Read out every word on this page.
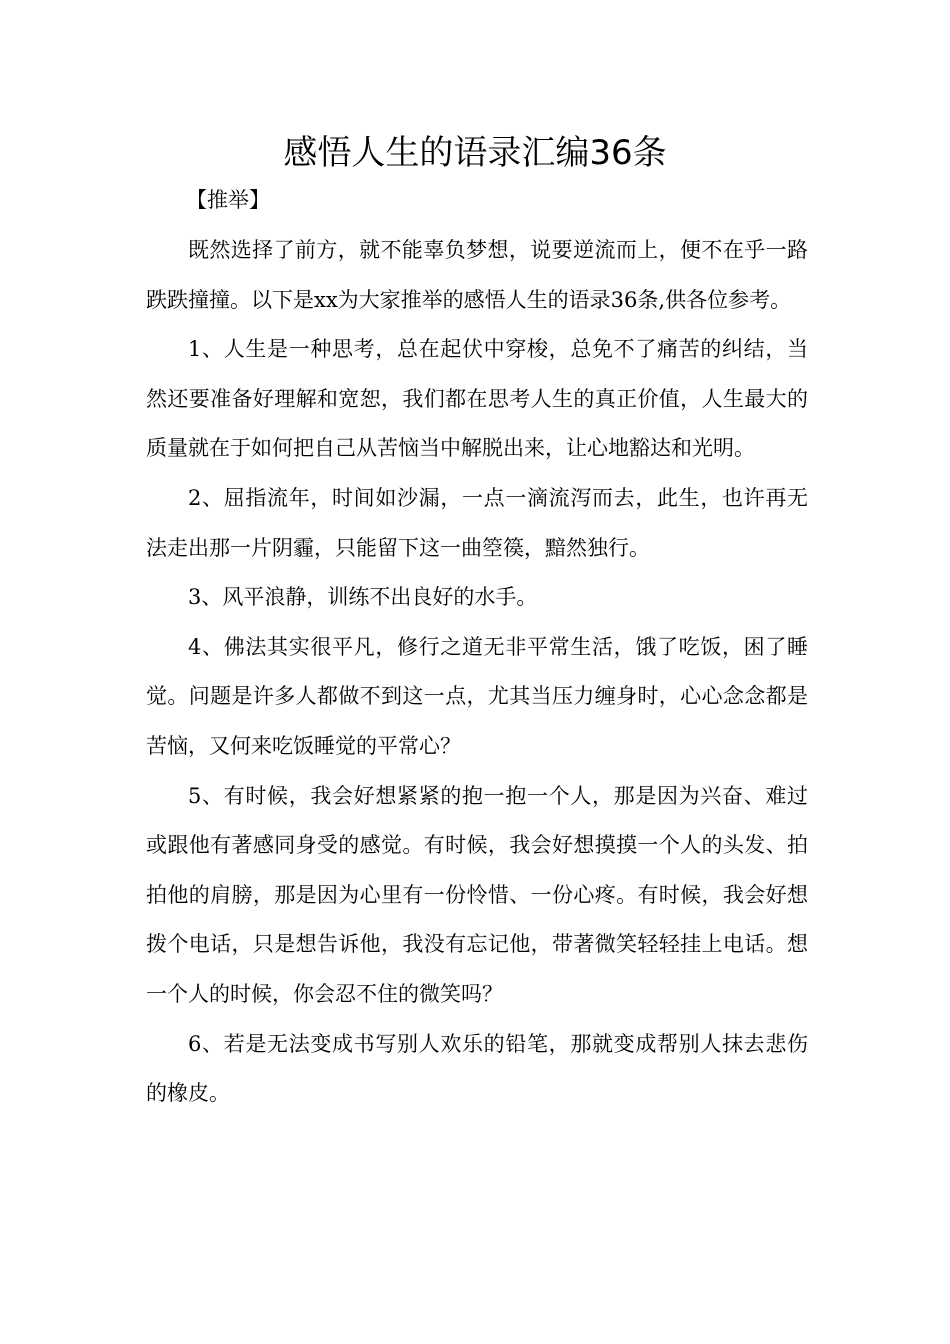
感悟人生的语录汇编36条
【推举】

既然选择了前方，就不能辜负梦想，说要逆流而上，便不在乎一路跌跌撞撞。以下是xx为大家推举的感悟人生的语录36条,供各位参考。

1、人生是一种思考，总在起伏中穿梭，总免不了痛苦的纠结，当然还要准备好理解和宽恕，我们都在思考人生的真正价值，人生最大的质量就在于如何把自己从苦恼当中解脱出来，让心地豁达和光明。

2、屈指流年，时间如沙漏，一点一滴流泻而去，此生，也许再无法走出那一片阴霾，只能留下这一曲箜篌，黯然独行。

3、风平浪静，训练不出良好的水手。

4、佛法其实很平凡，修行之道无非平常生活，饿了吃饭，困了睡觉。问题是许多人都做不到这一点，尤其当压力缠身时，心心念念都是苦恼，又何来吃饭睡觉的平常心？

5、有时候，我会好想紧紧的抱一抱一个人，那是因为兴奋、难过或跟他有著感同身受的感觉。有时候，我会好想摸摸一个人的头发、拍拍他的肩膀，那是因为心里有一份怜惜、一份心疼。有时候，我会好想拨个电话，只是想告诉他，我没有忘记他，带著微笑轻轻挂上电话。想一个人的时候，你会忍不住的微笑吗？

6、若是无法变成书写别人欢乐的铅笔，那就变成帮别人抹去悲伤的橡皮。
